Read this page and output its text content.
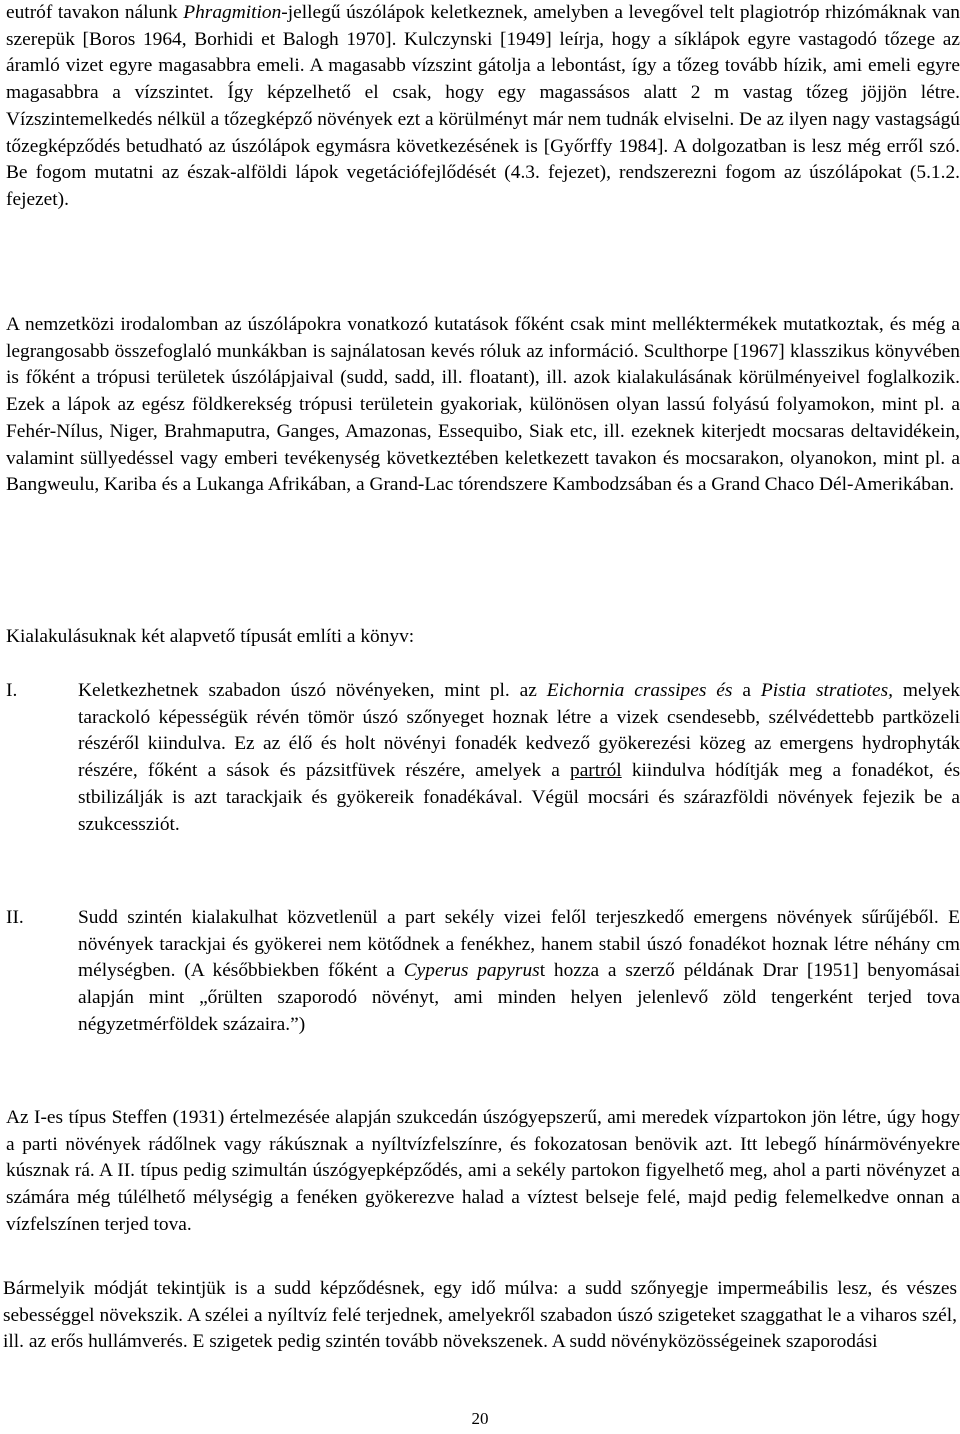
eutróf tavakon nálunk Phragmition-jellegű úszólápok keletkeznek, amelyben a levegővel telt plagiotróp rhizómáknak van szerepük [Boros 1964, Borhidi et Balogh 1970]. Kulczynski [1949] leírja, hogy a síklápok egyre vastagodó tőzege az áramló vizet egyre magasabbra emeli. A magasabb vízszint gátolja a lebontást, így a tőzeg tovább hízik, ami emeli egyre magasabbra a vízszintet. Így képzelhető el csak, hogy egy magassásos alatt 2 m vastag tőzeg jöjjön létre. Vízszintemelkedés nélkül a tőzegképző növények ezt a körülményt már nem tudnák elviselni. De az ilyen nagy vastagságú tőzegképződés betudható az úszólápok egymásra következésének is [Győrffy 1984]. A dolgozatban is lesz még erről szó. Be fogom mutatni az észak-alföldi lápok vegetációfejlődését (4.3. fejezet), rendszerezni fogom az úszólápokat (5.1.2. fejezet).

A nemzetközi irodalomban az úszólápokra vonatkozó kutatások főként csak mint melléktermékek mutatkoztak, és még a legrangosabb összefoglaló munkákban is sajnálatosan kevés róluk az információ. Sculthorpe [1967] klasszikus könyvében is főként a trópusi területek úszólápjaival (sudd, sadd, ill. floatant), ill. azok kialakulásának körülményeivel foglalkozik. Ezek a lápok az egész földkerekség trópusi területein gyakoriak, különösen olyan lassú folyású folyamokon, mint pl. a Fehér-Nílus, Niger, Brahmaputra, Ganges, Amazonas, Essequibo, Siak etc, ill. ezeknek kiterjedt mocsaras deltavidékein, valamint süllyedéssel vagy emberi tevékenység következtében keletkezett tavakon és mocsarakon, olyanokon, mint pl. a Bangweulu, Kariba és a Lukanga Afrikában, a Grand-Lac tórendszere Kambodzsában és a Grand Chaco Dél-Amerikában.

Kialakulásuknak két alapvető típusát említi a könyv:

I.	Keletkezhetnek szabadon úszó növényeken, mint pl. az Eichornia crassipes és a Pistia stratiotes, melyek tarackoló képességük révén tömör úszó szőnyeget hoznak létre a vizek csendesebb, szélvédettebb partközeli részéről kiindulva. Ez az élő és holt növényi fonadék kedvező gyökerezési közeg az emergens hydrophyták részére, főként a sások és pázsitfüvek részére, amelyek a partról kiindulva hódítják meg a fonadékot, és stbilizálják is azt tarackjaik és gyökereik fonadékával. Végül mocsári és szárazföldi növények fejezik be a szukcessziót.

II.	Sudd szintén kialakulhat közvetlenül a part sekély vizei felől terjeszkedő emergens növények sűrűjéből. E növények tarackjai és gyökerei nem kötődnek a fenékhez, hanem stabil úszó fonadékot hoznak létre néhány cm mélységben. (A későbbiekben főként a Cyperus papyrust hozza a szerző példának Drar [1951] benyomásai alapján mint „őrülten szaporodó növényt, ami minden helyen jelenlevő zöld tengerként terjed tova négyzetmérföldek százaira.”)

Az I-es típus Steffen (1931) értelmezésée alapján szukcedán úszógyepszerű, ami meredek vízpartokon jön létre, úgy hogy a parti növények rádőlnek vagy rákúsznak a nyíltvízfelszínre, és fokozatosan benövik azt. Itt lebegő hínármövényekre kúsznak rá. A II. típus pedig szimultán úszógyepképződés, ami a sekély partokon figyelhető meg, ahol a parti növényzet a számára még túlélhető mélységig a fenéken gyökerezve halad a víztest belseje felé, majd pedig felemelkedve onnan a vízfelszínen terjed tova.

Bármelyik módját tekintjük is a sudd képződésnek, egy idő múlva: a sudd szőnyegje impermeábilis lesz, és vészes sebességgel növekszik. A szélei a nyíltvíz felé terjednek, amelyekről szabadon úszó szigeteket szaggathat le a viharos szél, ill. az erős hullámverés. E szigetek pedig szintén tovább növekszenek. A sudd növényközösségeinek szaporodási

20
